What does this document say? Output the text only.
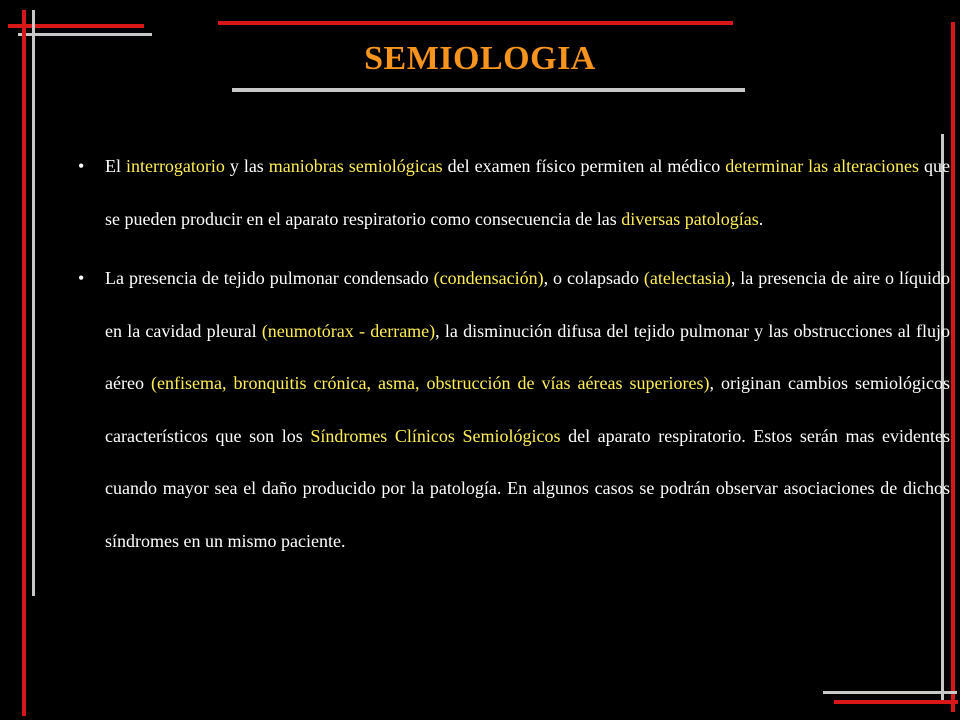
SEMIOLOGIA

• El interrogatorio y las maniobras semiológicas del examen físico permiten al médico determinar las alteraciones que se pueden producir en el aparato respiratorio como consecuencia de las diversas patologías.

• La presencia de tejido pulmonar condensado (condensación), o colapsado (atelectasia), la presencia de aire o líquido en la cavidad pleural (neumotórax - derrame), la disminución difusa del tejido pulmonar y las obstrucciones al flujo aéreo (enfisema, bronquitis crónica, asma, obstrucción de vías aéreas superiores), originan cambios semiológicos característicos que son los Síndromes Clínicos Semiológicos del aparato respiratorio. Estos serán mas evidentes cuando mayor sea el daño producido por la patología. En algunos casos se podrán observar asociaciones de dichos síndromes en un mismo paciente.
